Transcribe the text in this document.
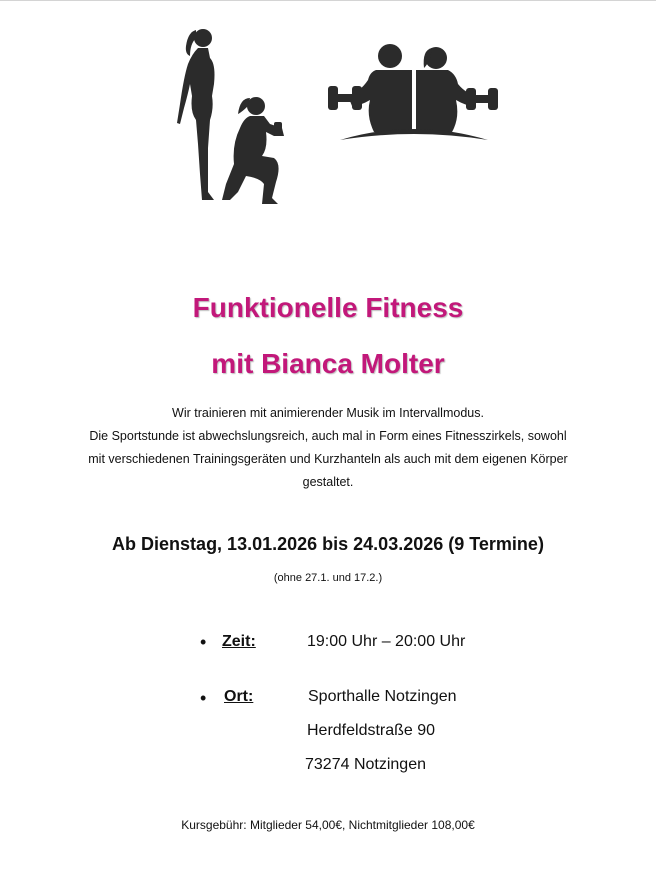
Funktionelle Fitness
mit Bianca Molter
Wir trainieren mit animierender Musik im Intervallmodus.
Die Sportstunde ist abwechslungsreich, auch mal in Form eines Fitnesszirkels, sowohl
mit verschiedenen Trainingsgeräten und Kurzhanteln als auch mit dem eigenen Körper
gestaltet.
Ab Dienstag, 13.01.2026 bis 24.03.2026 (9 Termine)
(ohne 27.1. und 17.2.)
• Zeit:	19:00 Uhr – 20:00 Uhr
• Ort:	Sporthalle Notzingen
Herdfeldstraße 90
73274 Notzingen
Kursgebühr: Mitglieder 54,00€, Nichtmitglieder 108,00€
